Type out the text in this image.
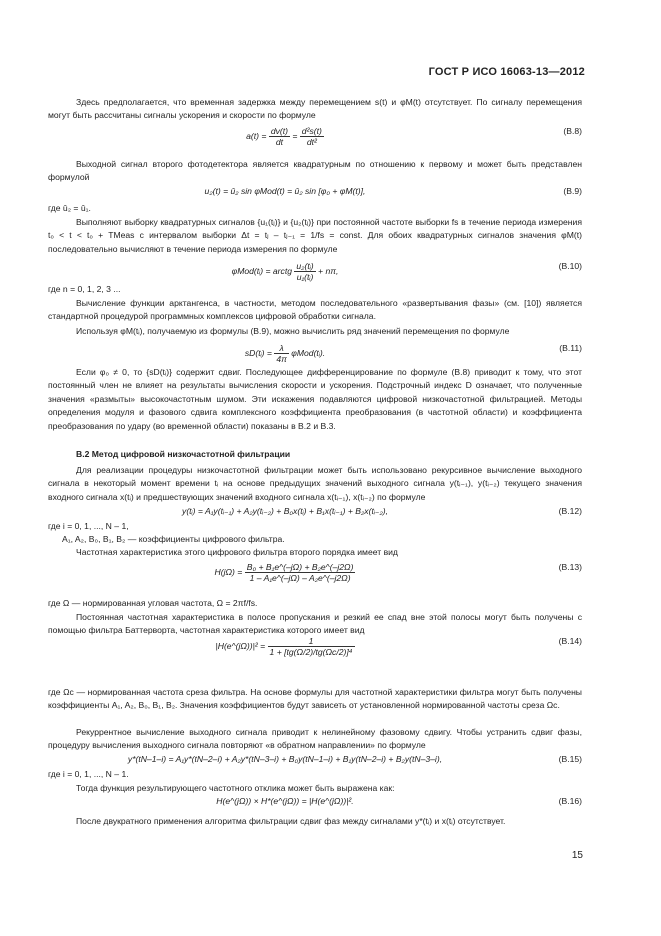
ГОСТ Р ИСО 16063-13—2012
Здесь предполагается, что временная задержка между перемещением s(t) и φM(t) отсутствует. По сигналу перемещения могут быть рассчитаны сигналы ускорения и скорости по формуле
$a(t) = \frac{dv(t)}{dt} = \frac{\text{d²s(t)}}{\text{dt²}}$	(B.8)
Выходной сигнал второго фотодетектора является квадратурным по отношению к первому и может быть представлен формулой
u₂(t) = û₂ sin φMod(t) = û₂ sin [φ₀ + φM(t)],	(B.9)
где û₂ = û₁.
Выполняют выборку квадратурных сигналов {u₁(tⱼ)} и {u₂(tⱼ)} при постоянной частоте выборки fs в течение периода измерения t₀ < t < t₀ + TMeas с интервалом выборки Δt = tⱼ – tⱼ₋₁ = 1/fs = const. Для обоих квадратурных сигналов значения φM(t) последовательно вычисляют в течение периода измерения по формуле
φMod(tᵢ) = arctg $\frac{\text{u₂(tᵢ)}}{\text{u₁(tᵢ)}} + n\pi$,	(B.10)
где n = 0, 1, 2, 3 ...
Вычисление функции арктангенса, в частности, методом последовательного «развертывания фазы» (см. [10]) является стандартной процедурой программных комплексов цифровой обработки сигнала.
Используя φM(tᵢ), получаемую из формулы (B.9), можно вычислить ряд значений перемещения по формуле
sD(tᵢ) = $\frac{\lambda}{4\pi}$ φMod(tᵢ).	(B.11)
Если φ₀ ≠ 0, то {sD(tᵢ)} содержит сдвиг. Последующее дифференцирование по формуле (B.8) приводит к тому, что этот постоянный член не влияет на результаты вычисления скорости и ускорения. Подстрочный индекс D означает, что полученные значения «размыты» высокочастотным шумом. Эти искажения подавляются цифровой низкочастотной фильтрацией. Методы определения модуля и фазового сдвига комплексного коэффициента преобразования (в частотной области) и коэффициента преобразования по удару (во временной области) показаны в B.2 и B.3.
B.2 Метод цифровой низкочастотной фильтрации
Для реализации процедуры низкочастотной фильтрации может быть использовано рекурсивное вычисление выходного сигнала в некоторый момент времени tᵢ на основе предыдущих значений выходного сигнала y(tᵢ₋₁), y(tᵢ₋₂) текущего значения входного сигнала x(tᵢ) и предшествующих значений входного сигнала x(tᵢ₋₁), x(tᵢ₋₂) по формуле
y(tᵢ) = A₁y(tᵢ₋₁) + A₂y(tᵢ₋₂) + B₀x(tᵢ) + B₁x(tᵢ₋₁) + B₂x(tᵢ₋₂),	(B.12)
где i = 0, 1, ..., N – 1,
A₁, A₂, B₀, B₁, B₂ — коэффициенты цифрового фильтра.
Частотная характеристика этого цифрового фильтра второго порядка имеет вид
$H(j\Omega) = \frac{\text{B₀ + B₁e\textasciicircum{}(–jΩ) + B₂e\textasciicircum{}(–j2Ω)}}{\text{1 – A₁e\textasciicircum{}(–jΩ) – A₂e\textasciicircum{}(–j2Ω)}}$	(B.13)
где Ω — нормированная угловая частота, Ω = 2πf/fs.
Постоянная частотная характеристика в полосе пропускания и резкий ее спад вне этой полосы могут быть получены с помощью фильтра Баттерворта, частотная характеристика которого имеет вид
|H(e^(jΩ))|² = $\frac{1}{\text{1 + [tg(Ω/2)/tg(Ωc/2)]⁴}}$	(B.14)
где Ωc — нормированная частота среза фильтра. На основе формулы для частотной характеристики фильтра могут быть получены коэффициенты A₁, A₂, B₀, B₁, B₂. Значения коэффициентов будут зависеть от установленной нормированной частоты среза Ωc.
Рекуррентное вычисление выходного сигнала приводит к нелинейному фазовому сдвигу. Чтобы устранить сдвиг фазы, процедуру вычисления выходного сигнала повторяют «в обратном направлении» по формуле
y*(tN–1–i) = A₁y*(tN–2–i) + A₂y*(tN–3–i) + B₀y(tN–1–i) + B₁y(tN–2–i) + B₂y(tN–3–i),	(B.15)
где i = 0, 1, ..., N – 1.
Тогда функция результирующего частотного отклика может быть выражена как:
H(e^(jΩ)) × H*(e^(jΩ)) = |H(e^(jΩ))|².	(B.16)
После двукратного применения алгоритма фильтрации сдвиг фаз между сигналами y*(tᵢ) и x(tᵢ) отсутствует.
15
